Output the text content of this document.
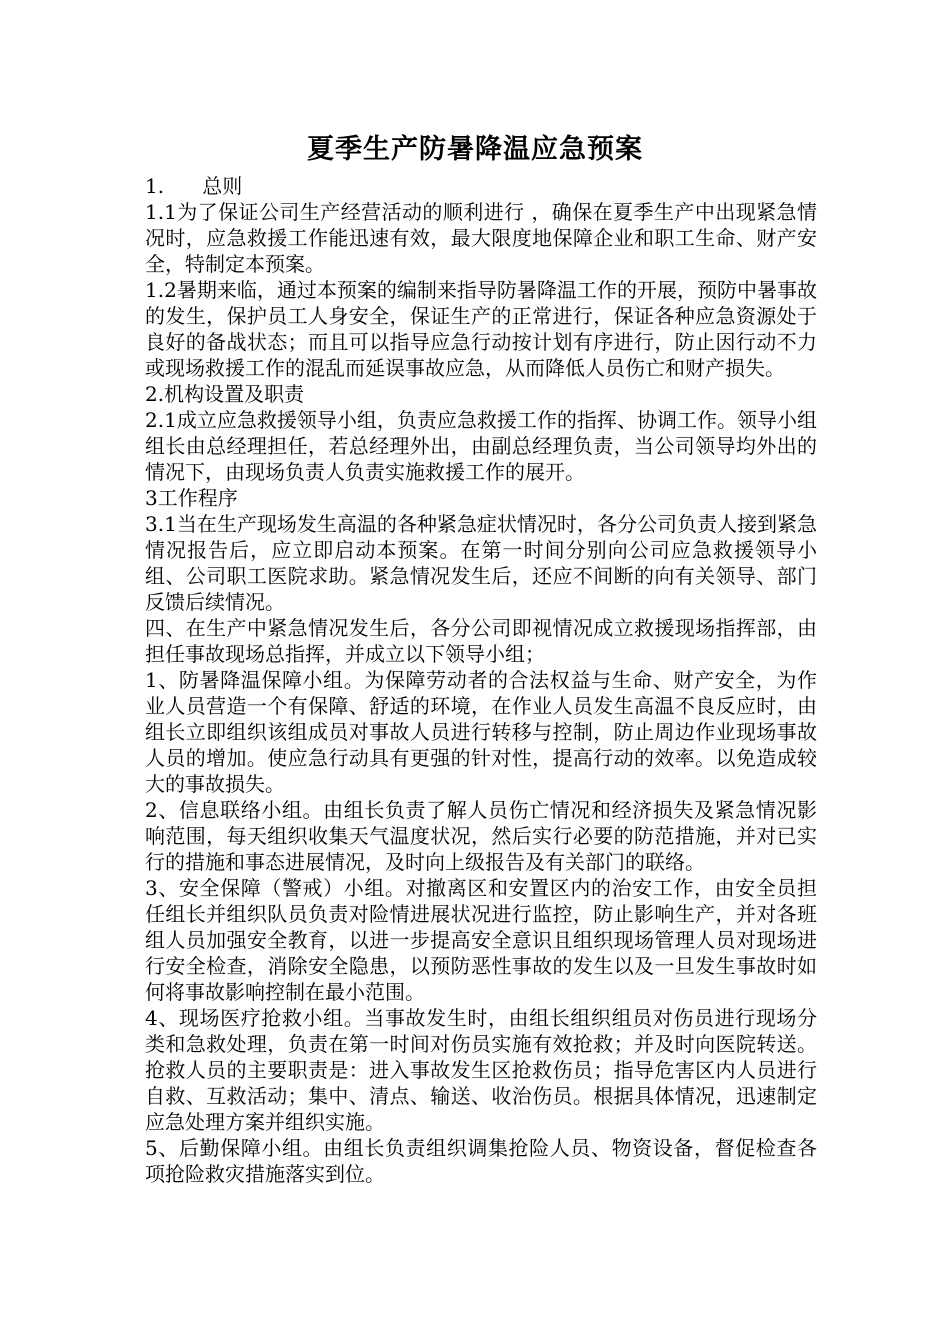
夏季生产防暑降温应急预案

1.      总则

1.1为了保证公司生产经营活动的顺利进行 ，确保在夏季生产中出现紧急情况时，应急救援工作能迅速有效，最大限度地保障企业和职工生命、财产安全，特制定本预案。

1.2暑期来临，通过本预案的编制来指导防暑降温工作的开展，预防中暑事故的发生，保护员工人身安全，保证生产的正常进行，保证各种应急资源处于良好的备战状态；而且可以指导应急行动按计划有序进行，防止因行动不力或现场救援工作的混乱而延误事故应急，从而降低人员伤亡和财产损失。

2.机构设置及职责

2.1成立应急救援领导小组，负责应急救援工作的指挥、协调工作。领导小组组长由总经理担任，若总经理外出，由副总经理负责，当公司领导均外出的情况下，由现场负责人负责实施救援工作的展开。

3工作程序

3.1当在生产现场发生高温的各种紧急症状情况时，各分公司负责人接到紧急情况报告后，应立即启动本预案。在第一时间分别向公司应急救援领导小组、公司职工医院求助。紧急情况发生后，还应不间断的向有关领导、部门反馈后续情况。

四、在生产中紧急情况发生后，各分公司即视情况成立救援现场指挥部，由担任事故现场总指挥，并成立以下领导小组；

1、防暑降温保障小组。为保障劳动者的合法权益与生命、财产安全，为作业人员营造一个有保障、舒适的环境，在作业人员发生高温不良反应时，由组长立即组织该组成员对事故人员进行转移与控制，防止周边作业现场事故人员的增加。使应急行动具有更强的针对性，提高行动的效率。以免造成较大的事故损失。

2、信息联络小组。由组长负责了解人员伤亡情况和经济损失及紧急情况影响范围，每天组织收集天气温度状况，然后实行必要的防范措施，并对已实行的措施和事态进展情况，及时向上级报告及有关部门的联络。

3、安全保障（警戒）小组。对撤离区和安置区内的治安工作，由安全员担任组长并组织队员负责对险情进展状况进行监控，防止影响生产，并对各班组人员加强安全教育，以进一步提高安全意识且组织现场管理人员对现场进行安全检查，消除安全隐患，以预防恶性事故的发生以及一旦发生事故时如何将事故影响控制在最小范围。

4、现场医疗抢救小组。当事故发生时，由组长组织组员对伤员进行现场分类和急救处理，负责在第一时间对伤员实施有效抢救；并及时向医院转送。抢救人员的主要职责是：进入事故发生区抢救伤员；指导危害区内人员进行自救、互救活动；集中、清点、输送、收治伤员。根据具体情况，迅速制定应急处理方案并组织实施。

5、后勤保障小组。由组长负责组织调集抢险人员、物资设备，督促检查各项抢险救灾措施落实到位。
